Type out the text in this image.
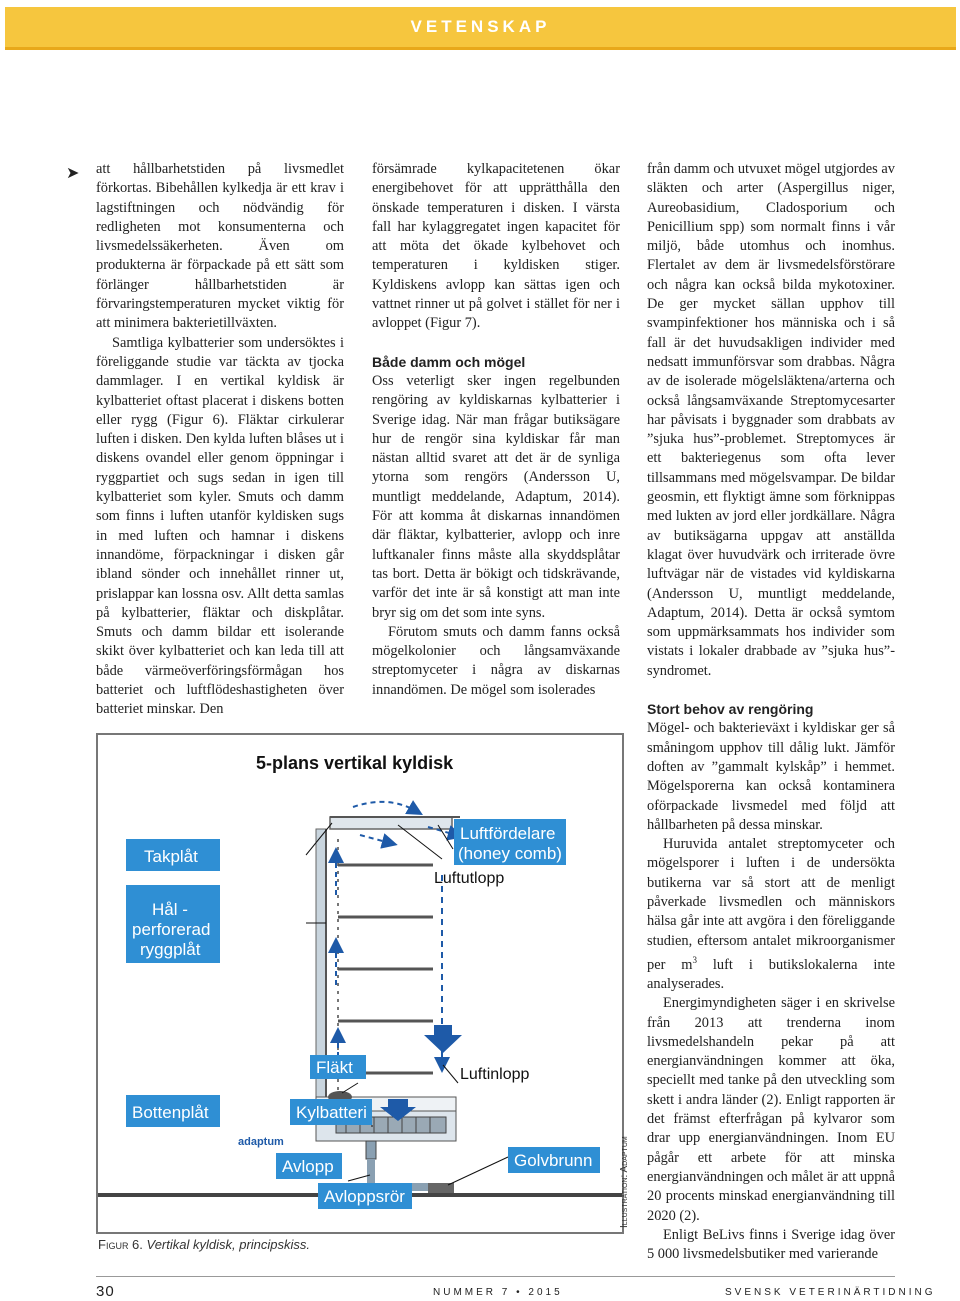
VETENSKAP
➤ att hållbarhetstiden på livsmedlet förkortas. Bibehållen kylkedja är ett krav i lagstiftningen och nödvändig för redligheten mot konsumenterna och livsmedelssäkerheten. Även om produkterna är förpackade på ett sätt som förlänger hållbarhetstiden är förvaringstemperaturen mycket viktig för att minimera bakterietillväxten.

Samtliga kylbatterier som undersöktes i föreliggande studie var täckta av tjocka dammlager. I en vertikal kyldisk är kylbatteriet oftast placerat i diskens botten eller rygg (Figur 6). Fläktar cirkulerar luften i disken. Den kylda luften blåses ut i diskens ovandel eller genom öppningar i ryggpartiet och sugs sedan in igen till kylbatteriet som kyler. Smuts och damm som finns i luften utanför kyldisken sugs in med luften och hamnar i diskens innandöme, förpackningar i disken går ibland sönder och innehållet rinner ut, prislappar kan lossna osv. Allt detta samlas på kylbatterier, fläktar och diskplåtar. Smuts och damm bildar ett isolerande skikt över kylbatteriet och kan leda till att både värmeöverföringsförmågan hos batteriet och luftflödeshastigheten över batteriet minskar. Den

försämrade kylkapacitetenen ökar energibehovet för att upprätthålla den önskade temperaturen i disken. I värsta fall har kylaggregatet ingen kapacitet för att möta det ökade kylbehovet och temperaturen i kyldisken stiger. Kyldiskens avlopp kan sättas igen och vattnet rinner ut på golvet i stället för ner i avloppet (Figur 7).

Både damm och mögel

Oss veterligt sker ingen regelbunden rengöring av kyldiskarnas kylbatterier i Sverige idag. När man frågar butiksägare hur de rengör sina kyldiskar får man nästan alltid svaret att det är de synliga ytorna som rengörs (Andersson U, muntligt meddelande, Adaptum, 2014). För att komma åt diskarnas innandömen där fläktar, kylbatterier, avlopp och inre luftkanaler finns måste alla skyddsplåtar tas bort. Detta är bökigt och tidskrävande, varför det inte är så konstigt att man inte bryr sig om det som inte syns.

Förutom smuts och damm fanns också mögelkolonier och långsamväxande streptomyceter i några av diskarnas innandömen. De mögel som isolerades

från damm och utvuxet mögel utgjordes av släkten och arter (Aspergillus niger, Aureobasidium, Cladosporium och Penicillium spp) som normalt finns i vår miljö, både utomhus och inomhus. Flertalet av dem är livsmedelsförstörare och några kan också bilda mykotoxiner. De ger mycket sällan upphov till svampinfektioner hos människa och i så fall är det huvudsakligen individer med nedsatt immunförsvar som drabbas. Några av de isolerade mögelsläktena/arterna och också långsamväxande Streptomycesarter har påvisats i byggnader som drabbats av ”sjuka hus”-problemet. Streptomyces är ett bakteriegenus som ofta lever tillsammans med mögelsvampar. De bildar geosmin, ett flyktigt ämne som förknippas med lukten av jord eller jordkällare. Några av butiksägarna uppgav att anställda klagat över huvudvärk och irriterade övre luftvägar när de vistades vid kyldiskarna (Andersson U, muntligt meddelande, Adaptum, 2014). Detta är också symtom som uppmärksammats hos individer som vistats i lokaler drabbade av ”sjuka hus”-syndromet.

Stort behov av rengöring

Mögel- och bakterieväxt i kyldiskar ger så småningom upphov till dålig lukt. Jämför doften av ”gammalt kylskåp” i hemmet. Mögelsporerna kan också kontaminera oförpackade livsmedel med följd att hållbarheten på dessa minskar.

Huruvida antalet streptomyceter och mögelsporer i luften i de undersökta butikerna var så stort att de menligt påverkade livsmedlen och människors hälsa går inte att avgöra i den föreliggande studien, eftersom antalet mikroorganismer per $m^3$ luft i butikslokalerna inte analyserades.

Energimyndigheten säger i en skrivelse från 2013 att trenderna inom livsmedelshandeln pekar på att energianvändningen kommer att öka, speciellt med tanke på den utveckling som skett i andra länder (2). Enligt rapporten är det främst efterfrågan på kylvaror som drar upp energianvändningen. Inom EU pågår ett arbete för att minska energianvändningen och målet är att uppnå 20 procents minskad energianvändning till 2020 (2).

Enligt BeLivs finns i Sverige idag över 5 000 livsmedelsbutiker med varierande

5-plans vertikal kyldisk
Takplåt
Hål -
perforerad
ryggplåt
Bottenplåt
Luftfördelare
(honey comb)
Luftutlopp
Fläkt
Kylbatteri
Luftinlopp
Avlopp	Golvbrunn
Avloppsrör
adaptum
Figur 6. Vertikal kyldisk, principskiss.
Illustration: Adaptum
30	NUMMER 7 • 2015	SVENSK VETERINÄRTIDNING
